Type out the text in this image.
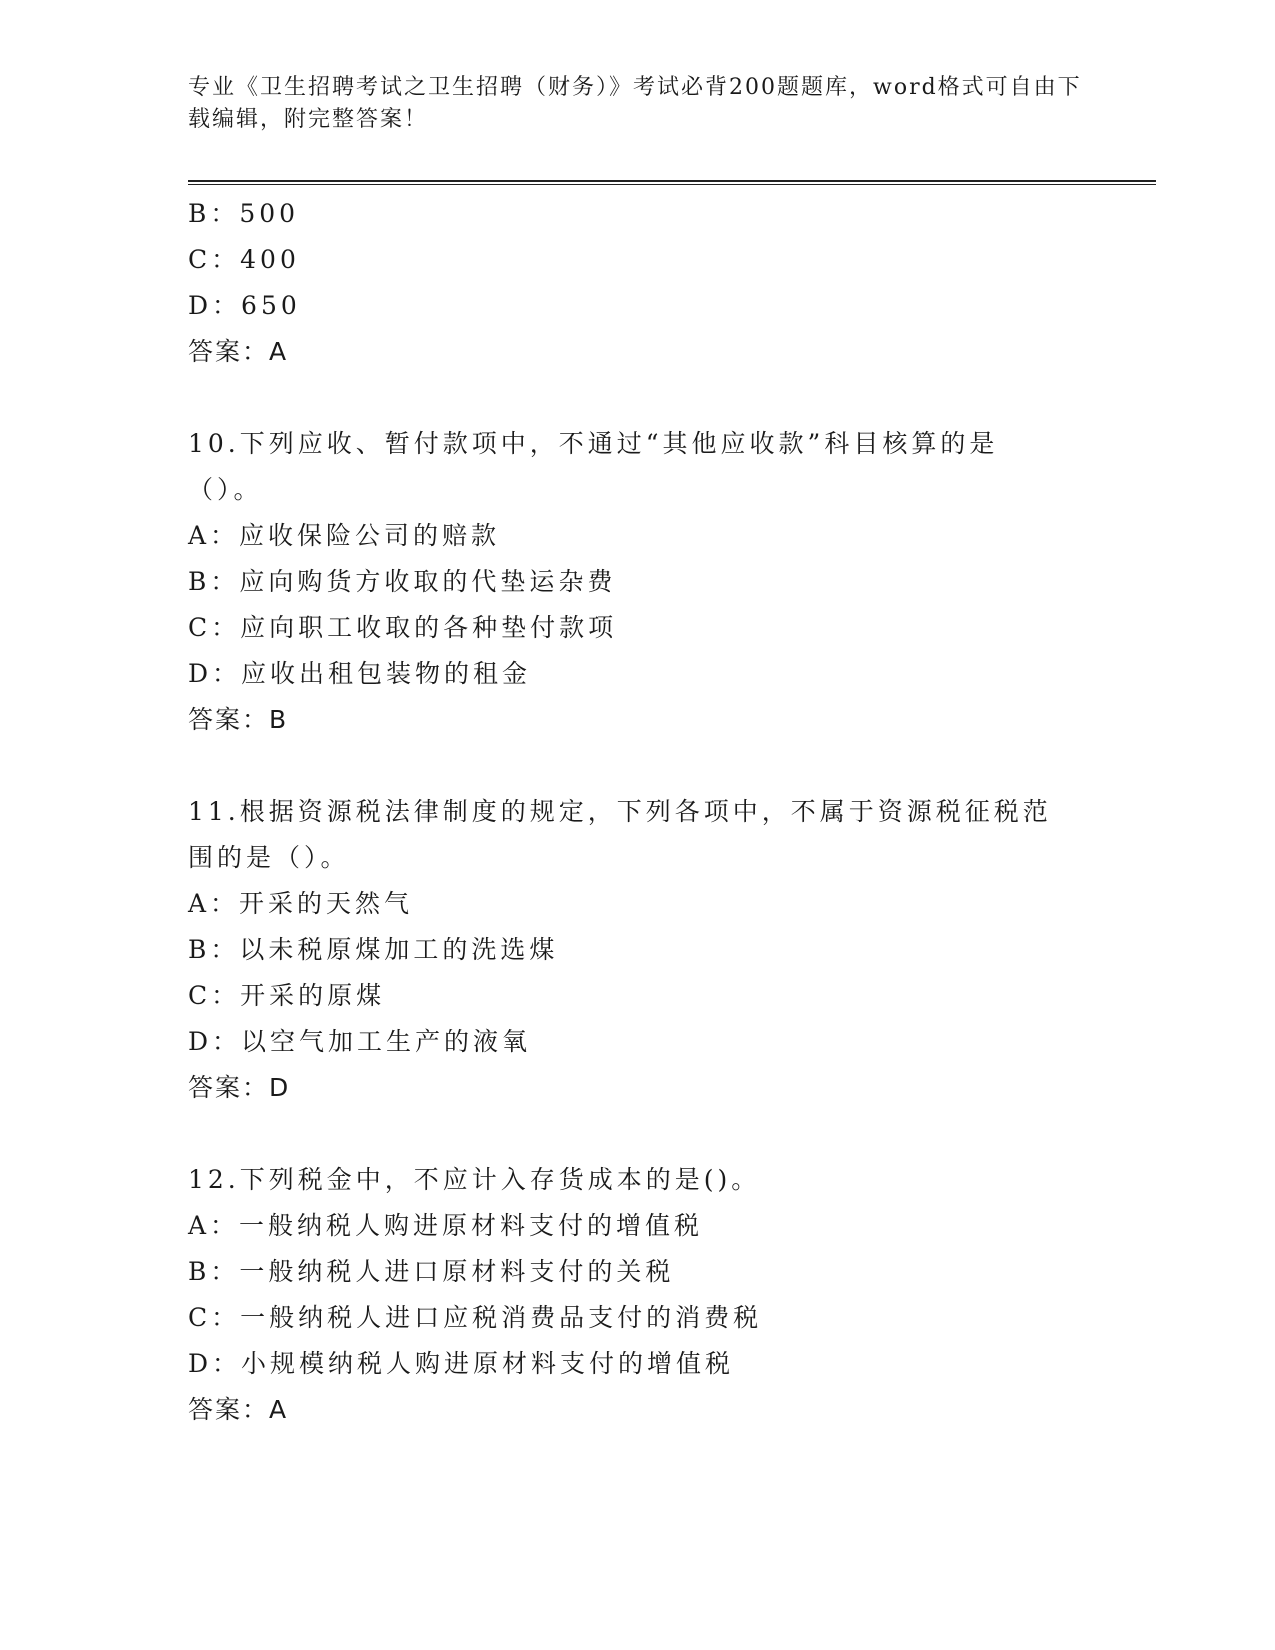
专业《卫生招聘考试之卫生招聘（财务）》考试必背200题题库，word格式可自由下载编辑，附完整答案！
B：500
C：400
D：650
答案：A
10.下列应收、暂付款项中，不通过“其他应收款”科目核算的是（）。
A：应收保险公司的赔款
B：应向购货方收取的代垫运杂费
C：应向职工收取的各种垫付款项
D：应收出租包装物的租金
答案：B
11.根据资源税法律制度的规定，下列各项中，不属于资源税征税范围的是（）。
A：开采的天然气
B：以未税原煤加工的洗选煤
C：开采的原煤
D：以空气加工生产的液氧
答案：D
12.下列税金中，不应计入存货成本的是()。
A：一般纳税人购进原材料支付的增值税
B：一般纳税人进口原材料支付的关税
C：一般纳税人进口应税消费品支付的消费税
D：小规模纳税人购进原材料支付的增值税
答案：A
